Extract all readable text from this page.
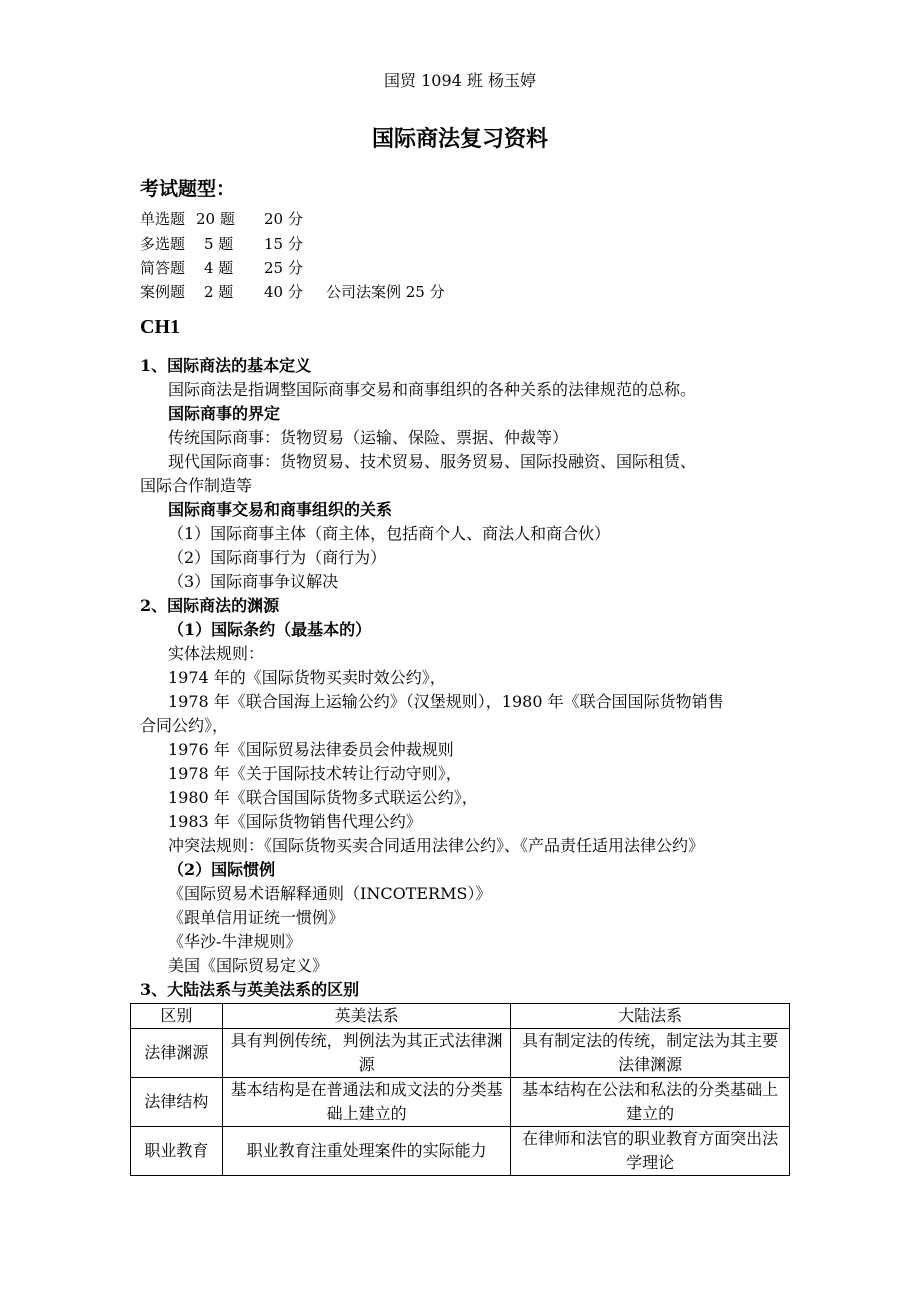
国贸 1094 班 杨玉婷
国际商法复习资料
考试题型：
单选题 20 题 20 分
多选题 5 题 15 分
简答题 4 题 25 分
案例题 2 题 40 分 公司法案例 25 分
CH1
1、国际商法的基本定义
国际商法是指调整国际商事交易和商事组织的各种关系的法律规范的总称。
国际商事的界定
传统国际商事：货物贸易（运输、保险、票据、仲裁等）
现代国际商事：货物贸易、技术贸易、服务贸易、国际投融资、国际租赁、
国际合作制造等
国际商事交易和商事组织的关系
（1）国际商事主体（商主体，包括商个人、商法人和商合伙）
（2）国际商事行为（商行为）
（3）国际商事争议解决
2、国际商法的渊源
（1）国际条约（最基本的）
实体法规则：
1974 年的《国际货物买卖时效公约》，
1978 年《联合国海上运输公约》（汉堡规则），1980 年《联合国国际货物销售
合同公约》，
1976 年《国际贸易法律委员会仲裁规则
1978 年《关于国际技术转让行动守则》，
1980 年《联合国国际货物多式联运公约》，
1983 年《国际货物销售代理公约》
冲突法规则：《国际货物买卖合同适用法律公约》、《产品责任适用法律公约》
（2）国际惯例
《国际贸易术语解释通则（INCOTERMS）》
《跟单信用证统一惯例》
《华沙-牛津规则》
美国《国际贸易定义》
3、大陆法系与英美法系的区别
区别	英美法系	大陆法系
法律渊源	具有判例传统，判例法为其正式法律渊源	具有制定法的传统，制定法为其主要法律渊源
法律结构	基本结构是在普通法和成文法的分类基础上建立的	基本结构在公法和私法的分类基础上建立的
职业教育	职业教育注重处理案件的实际能力	在律师和法官的职业教育方面突出法学理论
